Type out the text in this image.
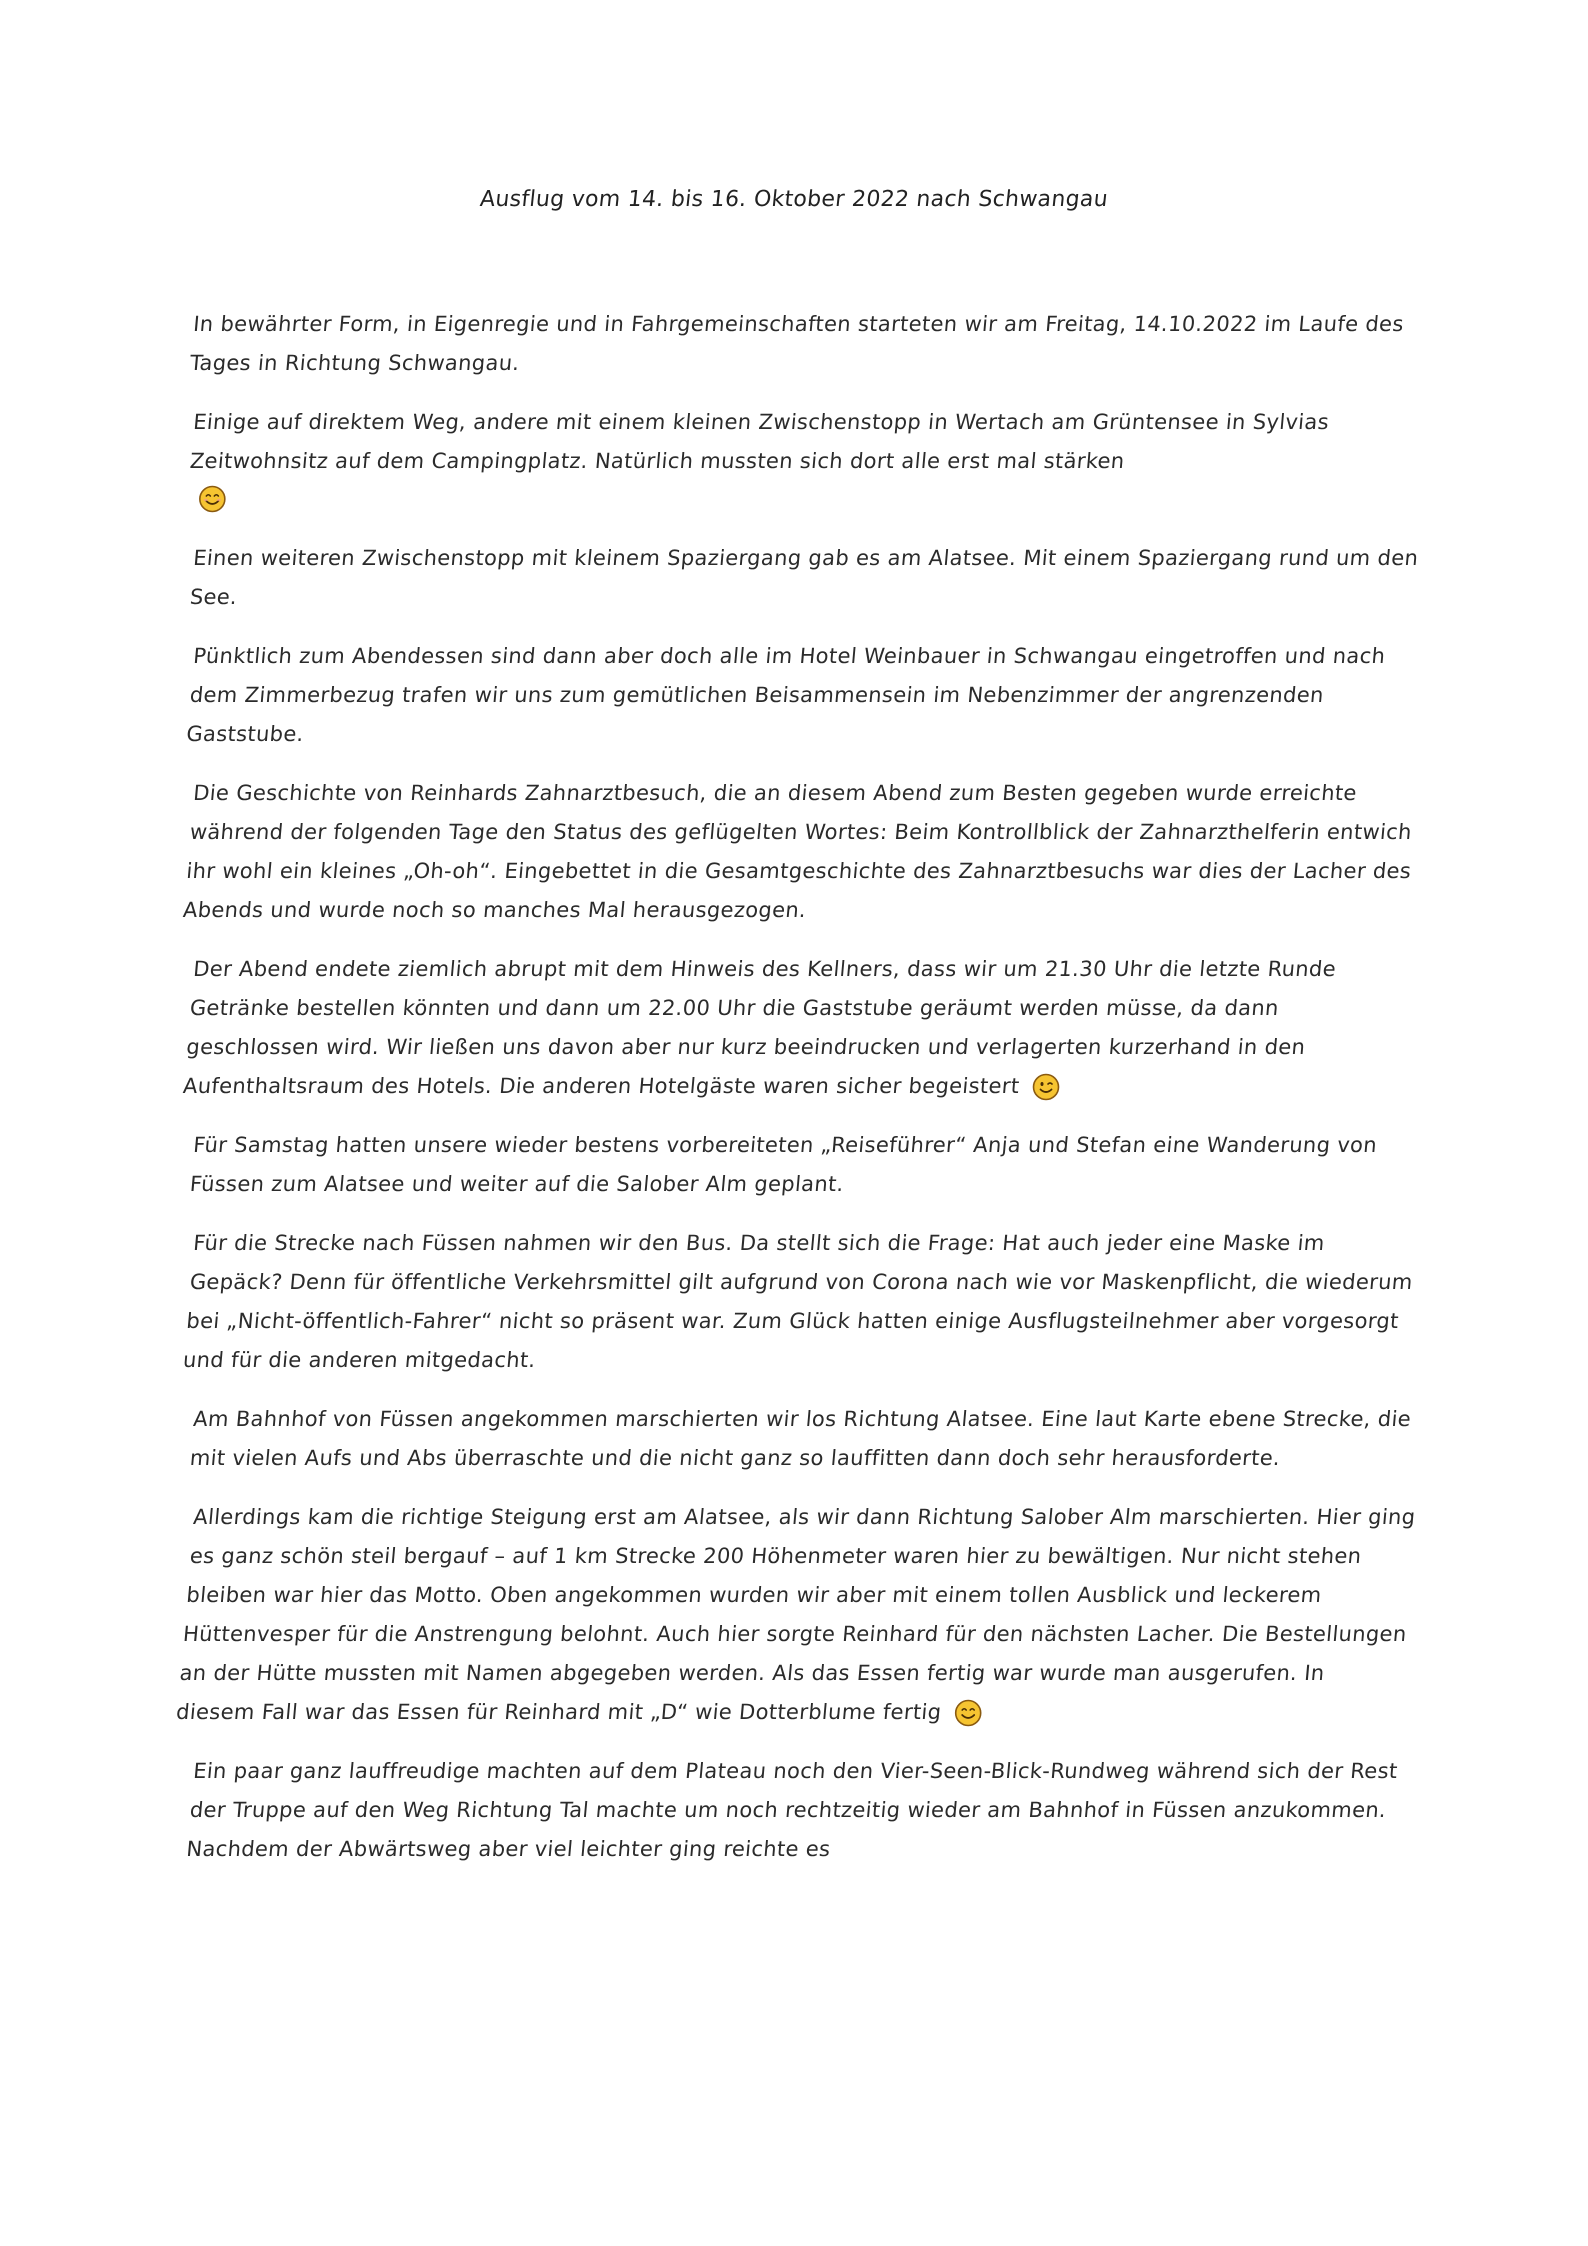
Ausflug vom 14. bis 16. Oktober 2022 nach Schwangau

In bewährter Form, in Eigenregie und in Fahrgemeinschaften starteten wir am Freitag, 14.10.2022 im Laufe des Tages in Richtung Schwangau.

Einige auf direktem Weg, andere mit einem kleinen Zwischenstopp in Wertach am Grüntensee in Sylvias Zeitwohnsitz auf dem Campingplatz. Natürlich mussten sich dort alle erst mal stärken

Einen weiteren Zwischenstopp mit kleinem Spaziergang gab es am Alatsee. Mit einem Spaziergang rund um den See.

Pünktlich zum Abendessen sind dann aber doch alle im Hotel Weinbauer in Schwangau eingetroffen und nach dem Zimmerbezug trafen wir uns zum gemütlichen Beisammensein im Nebenzimmer der angrenzenden Gaststube.

Die Geschichte von Reinhards Zahnarztbesuch, die an diesem Abend zum Besten gegeben wurde erreichte während der folgenden Tage den Status des geflügelten Wortes: Beim Kontrollblick der Zahnarzthelferin entwich ihr wohl ein kleines „Oh-oh“. Eingebettet in die Gesamtgeschichte des Zahnarztbesuchs war dies der Lacher des Abends und wurde noch so manches Mal herausgezogen.

Der Abend endete ziemlich abrupt mit dem Hinweis des Kellners, dass wir um 21.30 Uhr die letzte Runde Getränke bestellen könnten und dann um 22.00 Uhr die Gaststube geräumt werden müsse, da dann geschlossen wird. Wir ließen uns davon aber nur kurz beeindrucken und verlagerten kurzerhand in den Aufenthaltsraum des Hotels. Die anderen Hotelgäste waren sicher begeistert

Für Samstag hatten unsere wieder bestens vorbereiteten „Reiseführer“ Anja und Stefan eine Wanderung von Füssen zum Alatsee und weiter auf die Salober Alm geplant.

Für die Strecke nach Füssen nahmen wir den Bus. Da stellt sich die Frage: Hat auch jeder eine Maske im Gepäck? Denn für öffentliche Verkehrsmittel gilt aufgrund von Corona nach wie vor Maskenpflicht, die wiederum bei „Nicht-öffentlich-Fahrer“ nicht so präsent war. Zum Glück hatten einige Ausflugsteilnehmer aber vorgesorgt und für die anderen mitgedacht.

Am Bahnhof von Füssen angekommen marschierten wir los Richtung Alatsee. Eine laut Karte ebene Strecke, die mit vielen Aufs und Abs überraschte und die nicht ganz so lauffitten dann doch sehr herausforderte.

Allerdings kam die richtige Steigung erst am Alatsee, als wir dann Richtung Salober Alm marschierten. Hier ging es ganz schön steil bergauf – auf 1 km Strecke 200 Höhenmeter waren hier zu bewältigen. Nur nicht stehen bleiben war hier das Motto. Oben angekommen wurden wir aber mit einem tollen Ausblick und leckerem Hüttenvesper für die Anstrengung belohnt. Auch hier sorgte Reinhard für den nächsten Lacher. Die Bestellungen an der Hütte mussten mit Namen abgegeben werden. Als das Essen fertig war wurde man ausgerufen. In diesem Fall war das Essen für Reinhard mit „D“ wie Dotterblume fertig

Ein paar ganz lauffreudige machten auf dem Plateau noch den Vier-Seen-Blick-Rundweg während sich der Rest der Truppe auf den Weg Richtung Tal machte um noch rechtzeitig wieder am Bahnhof in Füssen anzukommen. Nachdem der Abwärtsweg aber viel leichter ging reichte es
